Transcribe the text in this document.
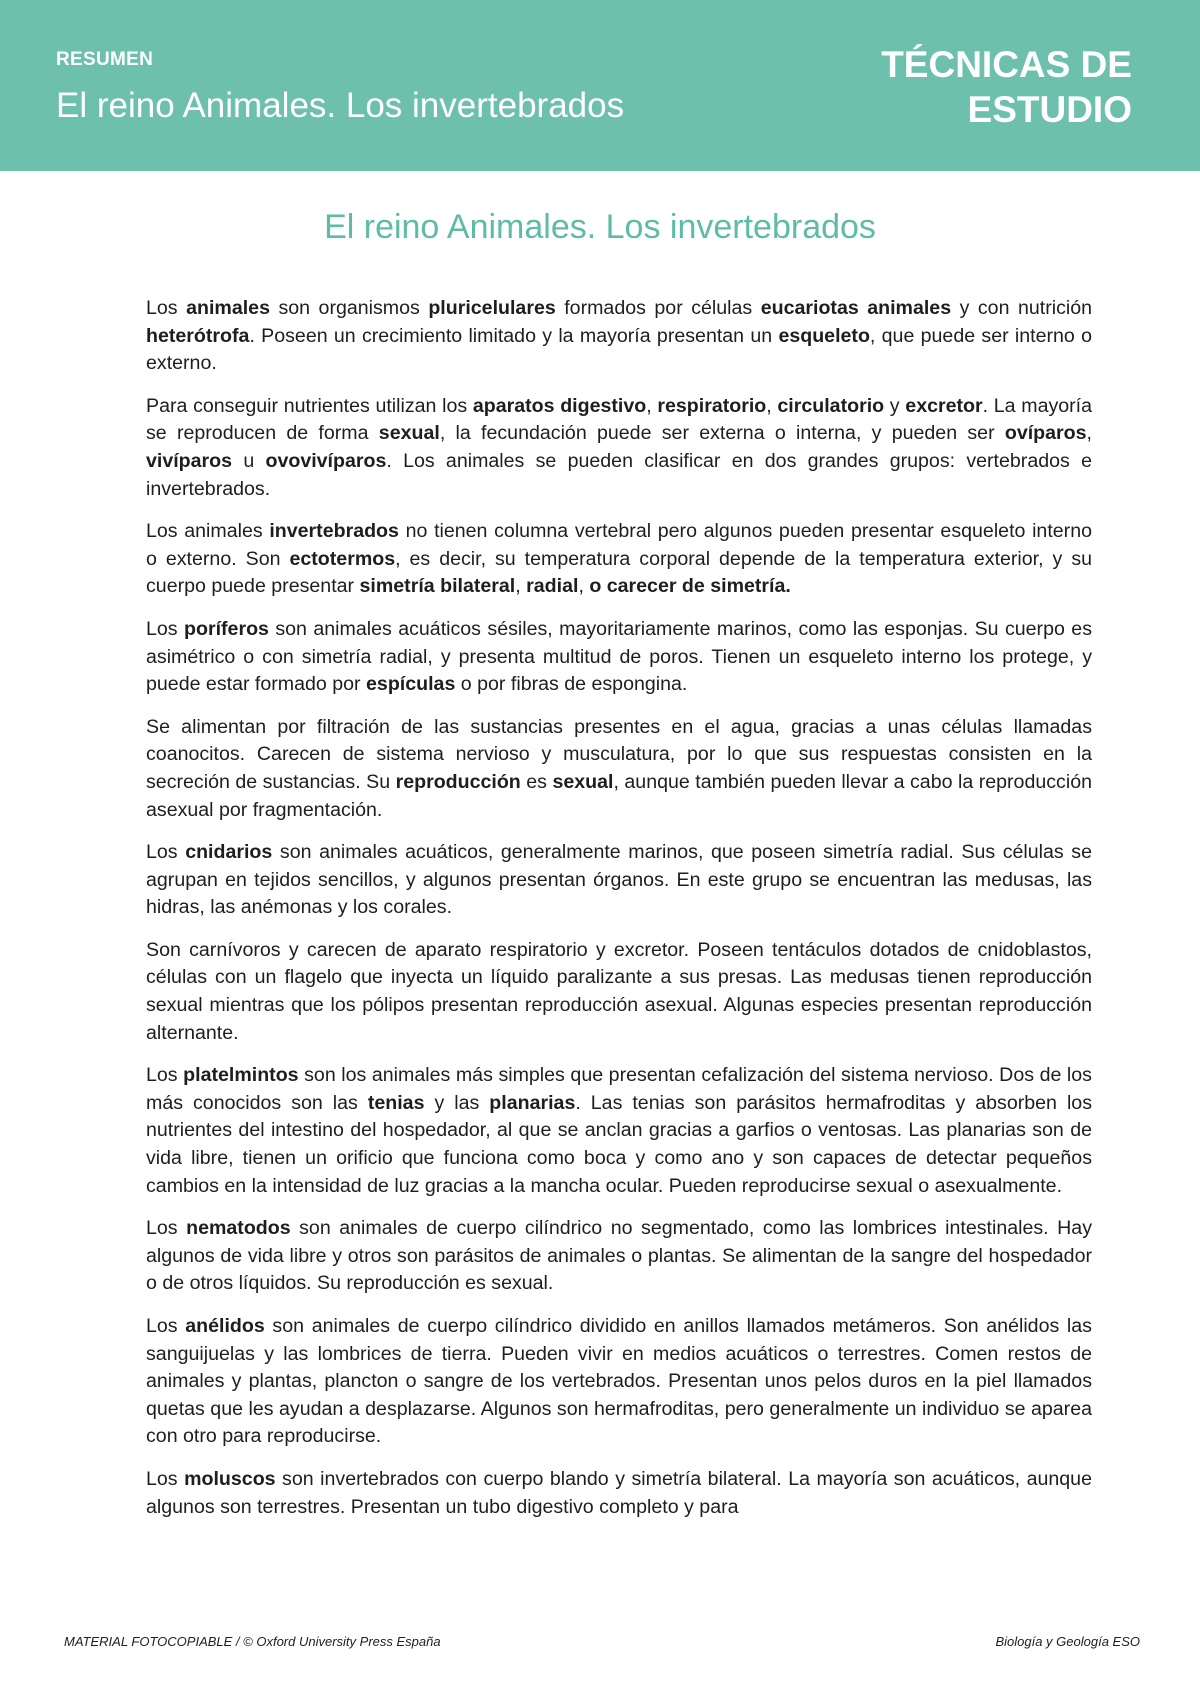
RESUMEN
El reino Animales. Los invertebrados
TÉCNICAS DE
ESTUDIO
El reino Animales. Los invertebrados

Los animales son organismos pluricelulares formados por células eucariotas animales y con nutrición heterótrofa. Poseen un crecimiento limitado y la mayoría presentan un esqueleto, que puede ser interno o externo.

Para conseguir nutrientes utilizan los aparatos digestivo, respiratorio, circulatorio y excretor. La mayoría se reproducen de forma sexual, la fecundación puede ser externa o interna, y pueden ser ovíparos, vivíparos u ovovivíparos. Los animales se pueden clasificar en dos grandes grupos: vertebrados e invertebrados.

Los animales invertebrados no tienen columna vertebral pero algunos pueden presentar esqueleto interno o externo. Son ectotermos, es decir, su temperatura corporal depende de la temperatura exterior, y su cuerpo puede presentar simetría bilateral, radial, o carecer de simetría.

Los poríferos son animales acuáticos sésiles, mayoritariamente marinos, como las esponjas. Su cuerpo es asimétrico o con simetría radial, y presenta multitud de poros. Tienen un esqueleto interno los protege, y puede estar formado por espículas o por fibras de espongina.

Se alimentan por filtración de las sustancias presentes en el agua, gracias a unas células llamadas coanocitos. Carecen de sistema nervioso y musculatura, por lo que sus respuestas consisten en la secreción de sustancias. Su reproducción es sexual, aunque también pueden llevar a cabo la reproducción asexual por fragmentación.

Los cnidarios son animales acuáticos, generalmente marinos, que poseen simetría radial. Sus células se agrupan en tejidos sencillos, y algunos presentan órganos. En este grupo se encuentran las medusas, las hidras, las anémonas y los corales.

Son carnívoros y carecen de aparato respiratorio y excretor. Poseen tentáculos dotados de cnidoblastos, células con un flagelo que inyecta un líquido paralizante a sus presas. Las medusas tienen reproducción sexual mientras que los pólipos presentan reproducción asexual. Algunas especies presentan reproducción alternante.

Los platelmintos son los animales más simples que presentan cefalización del sistema nervioso. Dos de los más conocidos son las tenias y las planarias. Las tenias son parásitos hermafroditas y absorben los nutrientes del intestino del hospedador, al que se anclan gracias a garfios o ventosas. Las planarias son de vida libre, tienen un orificio que funciona como boca y como ano y son capaces de detectar pequeños cambios en la intensidad de luz gracias a la mancha ocular. Pueden reproducirse sexual o asexualmente.

Los nematodos son animales de cuerpo cilíndrico no segmentado, como las lombrices intestinales. Hay algunos de vida libre y otros son parásitos de animales o plantas. Se alimentan de la sangre del hospedador o de otros líquidos. Su reproducción es sexual.

Los anélidos son animales de cuerpo cilíndrico dividido en anillos llamados metámeros. Son anélidos las sanguijuelas y las lombrices de tierra. Pueden vivir en medios acuáticos o terrestres. Comen restos de animales y plantas, plancton o sangre de los vertebrados. Presentan unos pelos duros en la piel llamados quetas que les ayudan a desplazarse. Algunos son hermafroditas, pero generalmente un individuo se aparea con otro para reproducirse.

Los moluscos son invertebrados con cuerpo blando y simetría bilateral. La mayoría son acuáticos, aunque algunos son terrestres. Presentan un tubo digestivo completo y para

MATERIAL FOTOCOPIABLE / © Oxford University Press España	Biología y Geología ESO
